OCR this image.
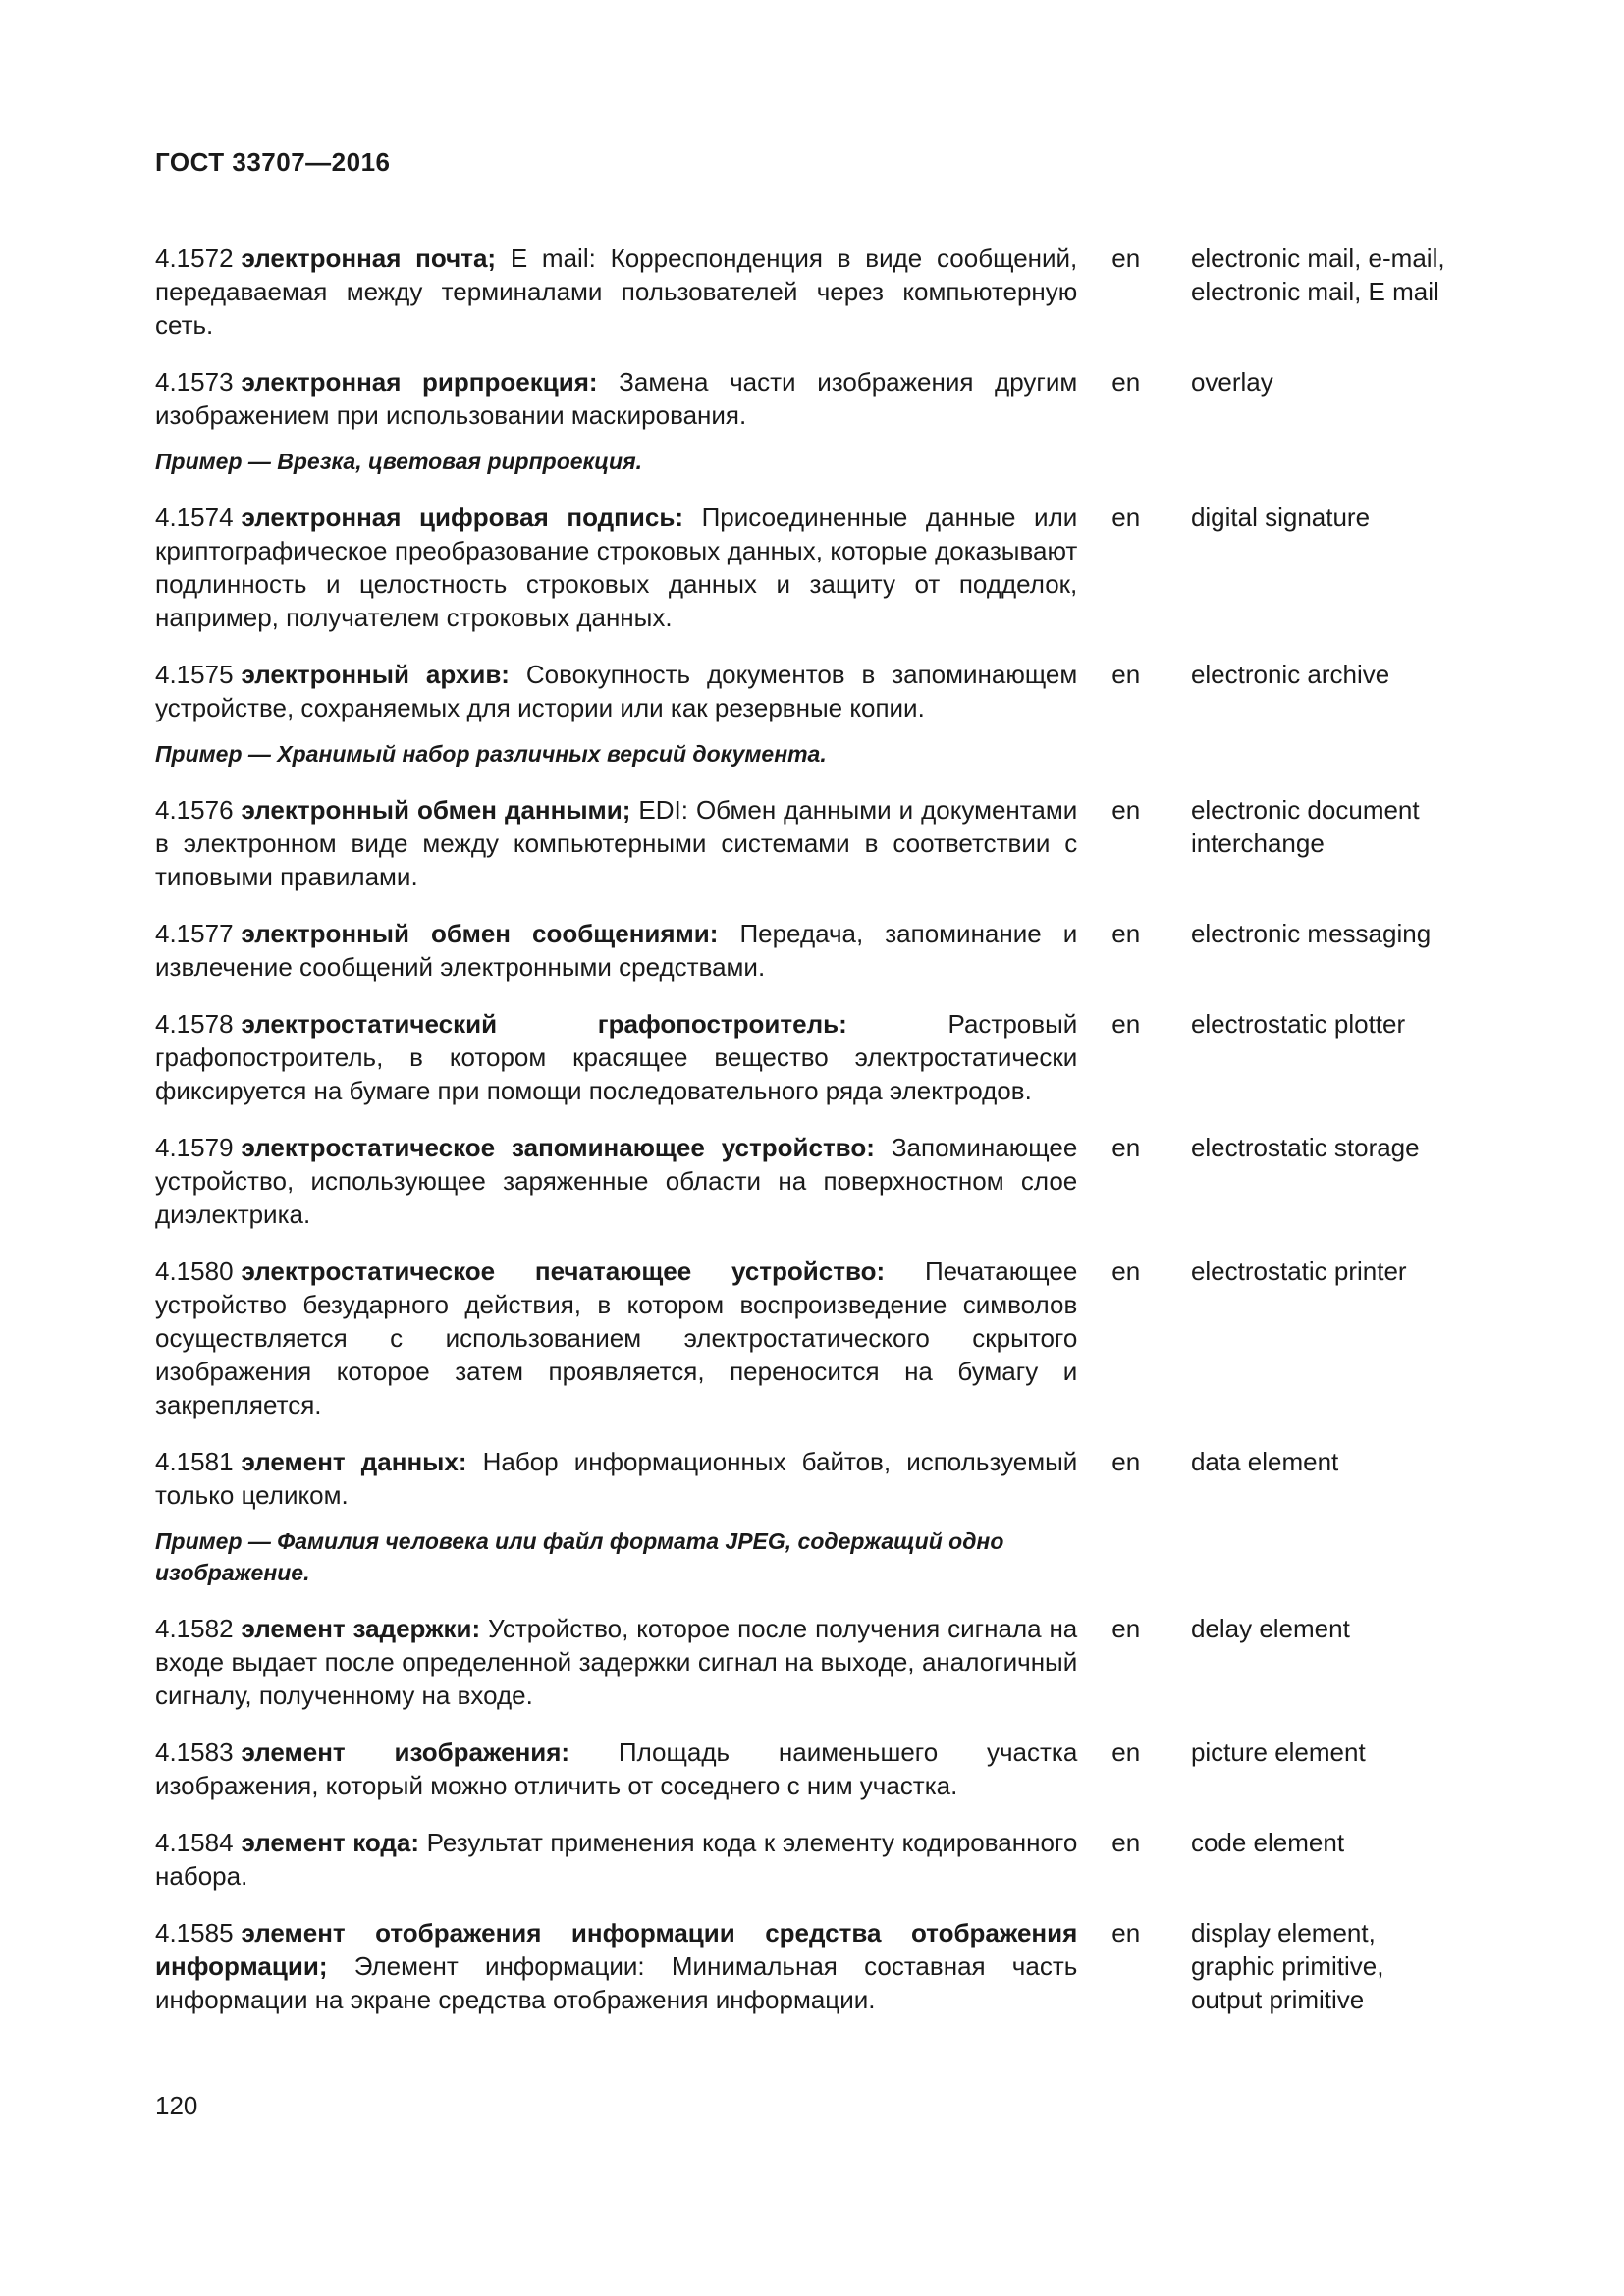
ГОСТ 33707—2016
4.1572 электронная почта; E mail: Корреспонденция в виде сообщений, передаваемая между терминалами пользователей через компьютерную сеть.
en	electronic mail, e-mail,
electronic mail, E mail
4.1573 электронная рирпроекция: Замена части изображения другим изображением при использовании маскирования.
en	overlay
Пример — Врезка, цветовая рирпроекция.
4.1574 электронная цифровая подпись: Присоединенные данные или криптографическое преобразование строковых данных, которые доказывают подлинность и целостность строковых данных и защиту от подделок, например, получателем строковых данных.
en	digital signature
4.1575 электронный архив: Совокупность документов в запоминающем устройстве, сохраняемых для истории или как резервные копии.
en	electronic archive
Пример — Хранимый набор различных версий документа.
4.1576 электронный обмен данными; EDI: Обмен данными и документами в электронном виде между компьютерными системами в соответствии с типовыми правилами.
en	electronic document
interchange
4.1577 электронный обмен сообщениями: Передача, запоминание и извлечение сообщений электронными средствами.
en	electronic messaging
4.1578 электростатический графопостроитель: Растровый графопостроитель, в котором красящее вещество электростатически фиксируется на бумаге при помощи последовательного ряда электродов.
en	electrostatic plotter
4.1579 электростатическое запоминающее устройство: Запоминающее устройство, использующее заряженные области на поверхностном слое диэлектрика.
en	electrostatic storage
4.1580 электростатическое печатающее устройство: Печатающее устройство безударного действия, в котором воспроизведение символов осуществляется с использованием электростатического скрытого изображения которое затем проявляется, переносится на бумагу и закрепляется.
en	electrostatic printer
4.1581 элемент данных: Набор информационных байтов, используемый только целиком.
en	data element
Пример — Фамилия человека или файл формата JPEG, содержащий одно изображение.
4.1582 элемент задержки: Устройство, которое после получения сигнала на входе выдает после определенной задержки сигнал на выходе, аналогичный сигналу, полученному на входе.
en	delay element
4.1583 элемент изображения: Площадь наименьшего участка изображения, который можно отличить от соседнего с ним участка.
en	picture element
4.1584 элемент кода: Результат применения кода к элементу кодированного набора.
en	code element
4.1585 элемент отображения информации средства отображения информации; Элемент информации: Минимальная составная часть информации на экране средства отображения информации.
en	display element,
graphic primitive,
output primitive
120
